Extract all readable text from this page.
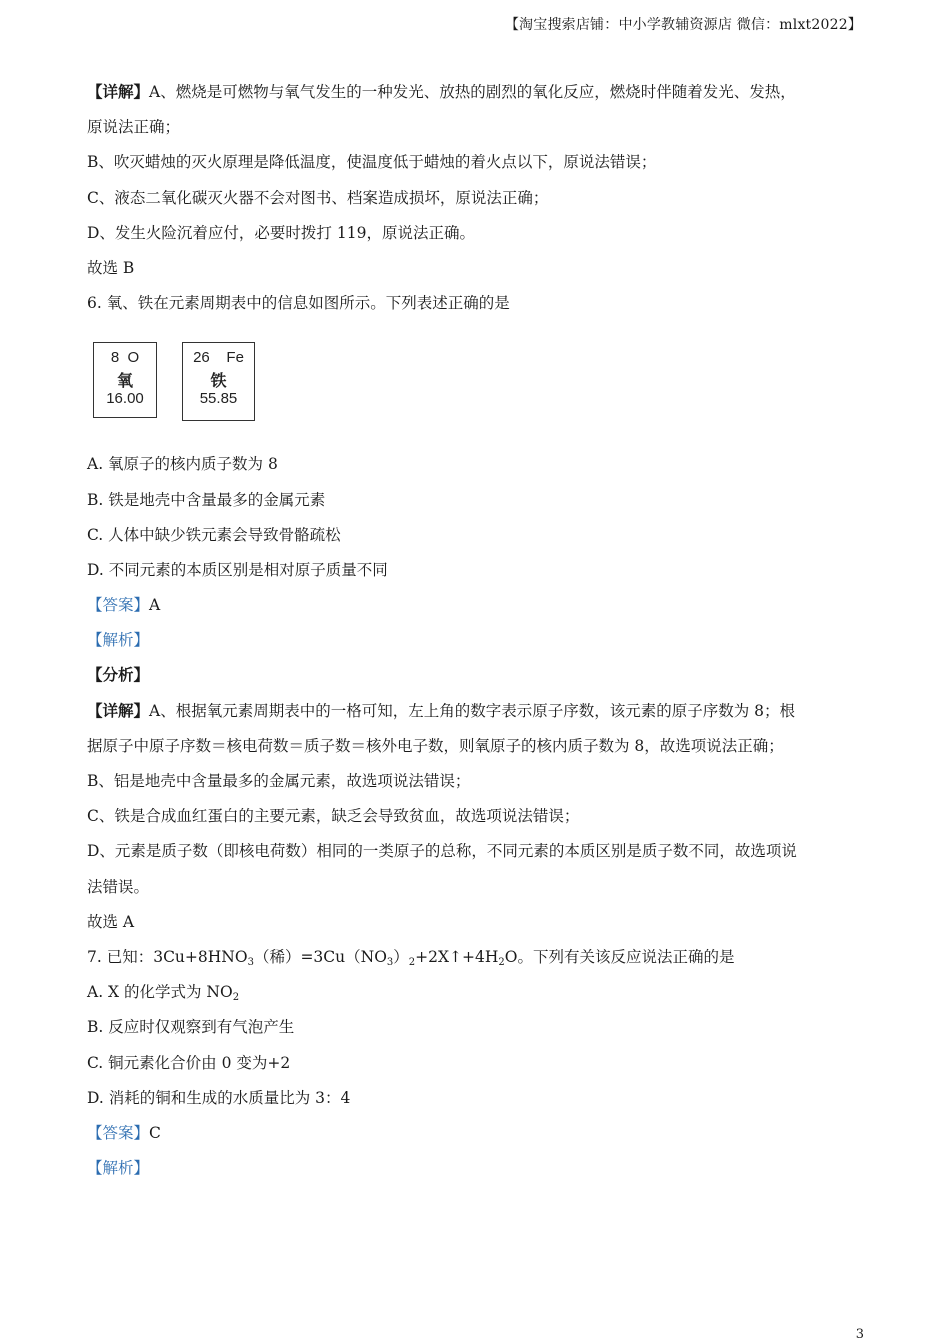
【淘宝搜索店铺：中小学教辅资源店 微信：mlxt2022】
【详解】A、燃烧是可燃物与氧气发生的一种发光、放热的剧烈的氧化反应，燃烧时伴随着发光、发热，
原说法正确；
B、吹灭蜡烛的灭火原理是降低温度，使温度低于蜡烛的着火点以下，原说法错误；
C、液态二氧化碳灭火器不会对图书、档案造成损坏，原说法正确；
D、发生火险沉着应付，必要时拨打 119，原说法正确。
故选 B
6. 氧、铁在元素周期表中的信息如图所示。下列表述正确的是
8 O
氧
16.00
26 Fe
铁
55.85
A. 氧原子的核内质子数为 8
B. 铁是地壳中含量最多的金属元素
C. 人体中缺少铁元素会导致骨骼疏松
D. 不同元素的本质区别是相对原子质量不同
【答案】A
【解析】
【分析】
【详解】A、根据氧元素周期表中的一格可知，左上角的数字表示原子序数，该元素的原子序数为 8；根
据原子中原子序数＝核电荷数＝质子数＝核外电子数，则氧原子的核内质子数为 8，故选项说法正确；
B、铝是地壳中含量最多的金属元素，故选项说法错误；
C、铁是合成血红蛋白的主要元素，缺乏会导致贫血，故选项说法错误；
D、元素是质子数（即核电荷数）相同的一类原子的总称，不同元素的本质区别是质子数不同，故选项说
法错误。
故选 A
7. 已知：$3Cu+8HNO_3$（稀）$=3Cu(NO_3)_2+2X↑+4H_2O$。下列有关该反应说法正确的是
A. X 的化学式为 $NO_2$
B. 反应时仅观察到有气泡产生
C. 铜元素化合价由 0 变为+2
D. 消耗的铜和生成的水质量比为 3：4
【答案】C
【解析】
3
